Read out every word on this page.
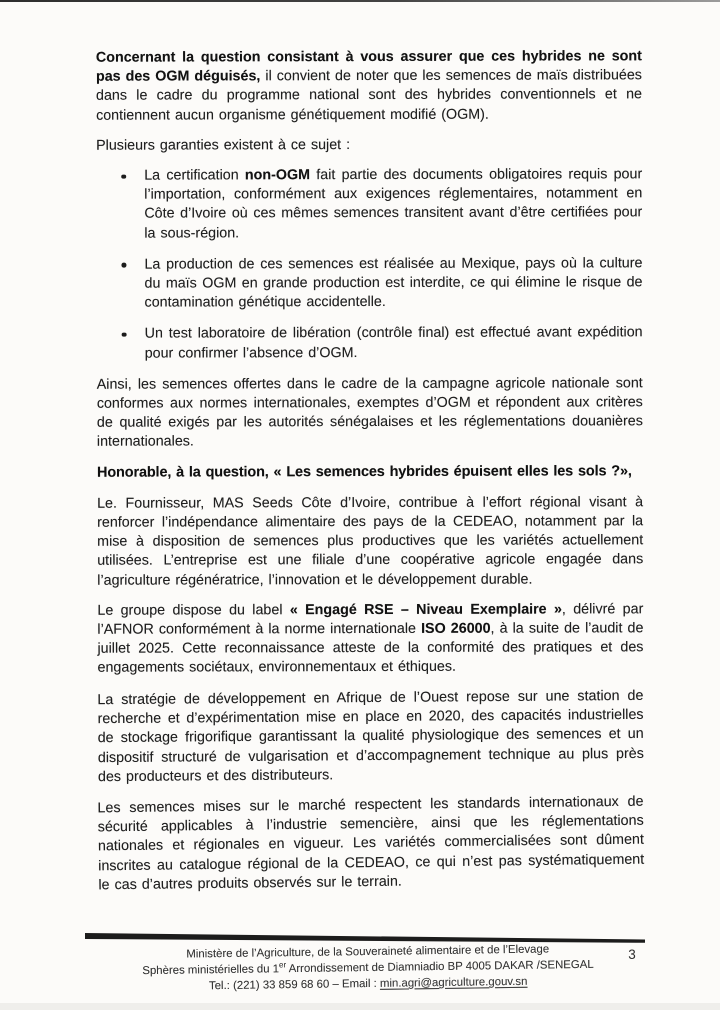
Concernant la question consistant à vous assurer que ces hybrides ne sont pas des OGM déguisés, il convient de noter que les semences de maïs distribuées dans le cadre du programme national sont des hybrides conventionnels et ne contiennent aucun organisme génétiquement modifié (OGM).

Plusieurs garanties existent à ce sujet :

La certification non-OGM fait partie des documents obligatoires requis pour l’importation, conformément aux exigences réglementaires, notamment en Côte d’Ivoire où ces mêmes semences transitent avant d’être certifiées pour la sous-région.
La production de ces semences est réalisée au Mexique, pays où la culture du maïs OGM en grande production est interdite, ce qui élimine le risque de contamination génétique accidentelle.
Un test laboratoire de libération (contrôle final) est effectué avant expédition pour confirmer l’absence d’OGM.

Ainsi, les semences offertes dans le cadre de la campagne agricole nationale sont conformes aux normes internationales, exemptes d’OGM et répondent aux critères de qualité exigés par les autorités sénégalaises et les réglementations douanières internationales.

Honorable, à la question, « Les semences hybrides épuisent elles les sols ?»,

Le. Fournisseur, MAS Seeds Côte d’Ivoire, contribue à l’effort régional visant à renforcer l’indépendance alimentaire des pays de la CEDEAO, notamment par la mise à disposition de semences plus productives que les variétés actuellement utilisées. L’entreprise est une filiale d’une coopérative agricole engagée dans l’agriculture régénératrice, l’innovation et le développement durable.

Le groupe dispose du label « Engagé RSE – Niveau Exemplaire », délivré par l’AFNOR conformément à la norme internationale ISO 26000, à la suite de l’audit de juillet 2025. Cette reconnaissance atteste de la conformité des pratiques et des engagements sociétaux, environnementaux et éthiques.

La stratégie de développement en Afrique de l’Ouest repose sur une station de recherche et d’expérimentation mise en place en 2020, des capacités industrielles de stockage frigorifique garantissant la qualité physiologique des semences et un dispositif structuré de vulgarisation et d’accompagnement technique au plus près des producteurs et des distributeurs.

Les semences mises sur le marché respectent les standards internationaux de sécurité applicables à l’industrie semencière, ainsi que les réglementations nationales et régionales en vigueur. Les variétés commercialisées sont dûment inscrites au catalogue régional de la CEDEAO, ce qui n’est pas systématiquement le cas d’autres produits observés sur le terrain.

Ministère de l’Agriculture, de la Souveraineté alimentaire et de l’Elevage
Sphères ministérielles du 1er Arrondissement de Diamniadio BP 4005 DAKAR /SENEGAL
Tel.: (221) 33 859 68 60 – Email : min.agri@agriculture.gouv.sn
3
